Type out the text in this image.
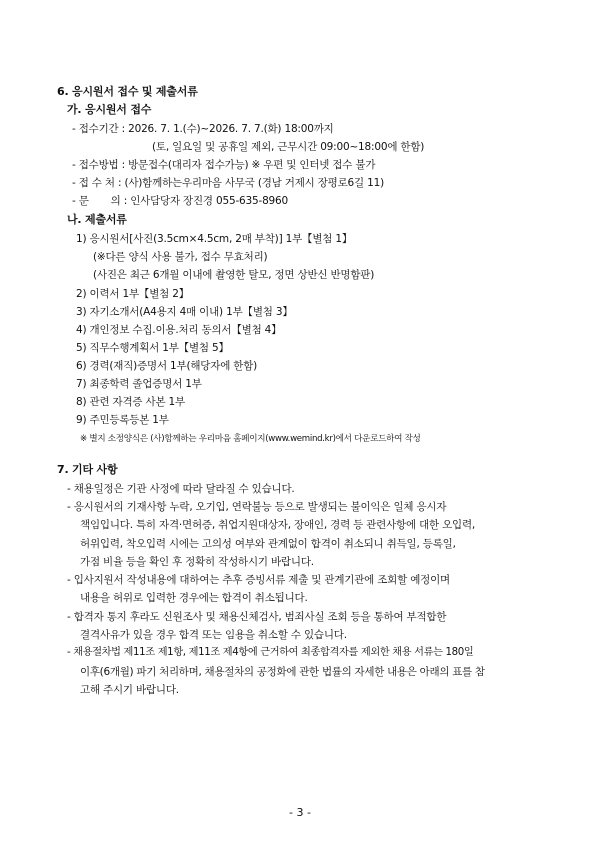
6. 응시원서 접수 및 제출서류
가. 응시원서 접수
- 접수기간 : 2026. 7. 1.(수)~2026. 7. 7.(화) 18:00까지
(토, 일요일 및 공휴일 제외, 근무시간 09:00~18:00에 한함)
- 접수방법 : 방문접수(대리자 접수가능) ※ 우편 및 인터넷 접수 불가
- 접 수 처 : (사)함께하는우리마음 사무국 (경남 거제시 장평로6길 11)
- 문       의 : 인사담당자 장진경 055-635-8960
나. 제출서류
1) 응시원서[사진(3.5cm×4.5cm, 2매 부착)] 1부【별첨 1】
(※다른 양식 사용 불가, 접수 무효처리)
(사진은 최근 6개월 이내에 촬영한 탈모, 정면 상반신 반명함판)
2) 이력서 1부【별첨 2】
3) 자기소개서(A4용지 4매 이내) 1부【별첨 3】
4) 개인정보 수집.이용.처리 동의서【별첨 4】
5) 직무수행계획서 1부【별첨 5】
6) 경력(재직)증명서 1부(해당자에 한함)
7) 최종학력 졸업증명서 1부
8) 관련 자격증 사본 1부
9) 주민등록등본 1부
※ 별지 소정양식은 (사)함께하는 우리마음 홈페이지(www.wemind.kr)에서 다운로드하여 작성
7. 기타 사항
- 채용일정은 기관 사정에 따라 달라질 수 있습니다.
- 응시원서의 기재사항 누락, 오기입, 연락불능 등으로 발생되는 불이익은 일체 응시자
책임입니다. 특히 자격·면허증, 취업지원대상자, 장애인, 경력 등 관련사항에 대한 오입력,
허위입력, 착오입력 시에는 고의성 여부와 관계없이 합격이 취소되니 취득일, 등록일,
가점 비율 등을 확인 후 정확히 작성하시기 바랍니다.
- 입사지원서 작성내용에 대하여는 추후 증빙서류 제출 및 관계기관에 조회할 예정이며
내용을 허위로 입력한 경우에는 합격이 취소됩니다.
- 합격자 통지 후라도 신원조사 및 채용신체검사, 범죄사실 조회 등을 통하여 부적합한
결격사유가 있을 경우 합격 또는 임용을 취소할 수 있습니다.
- 채용절차법 제11조 제1항, 제11조 제4항에 근거하여 최종합격자를 제외한 채용 서류는 180일
이후(6개월) 파기 처리하며, 채용절차의 공정화에 관한 법률의 자세한 내용은 아래의 표를 참
고해 주시기 바랍니다.
- 3 -
